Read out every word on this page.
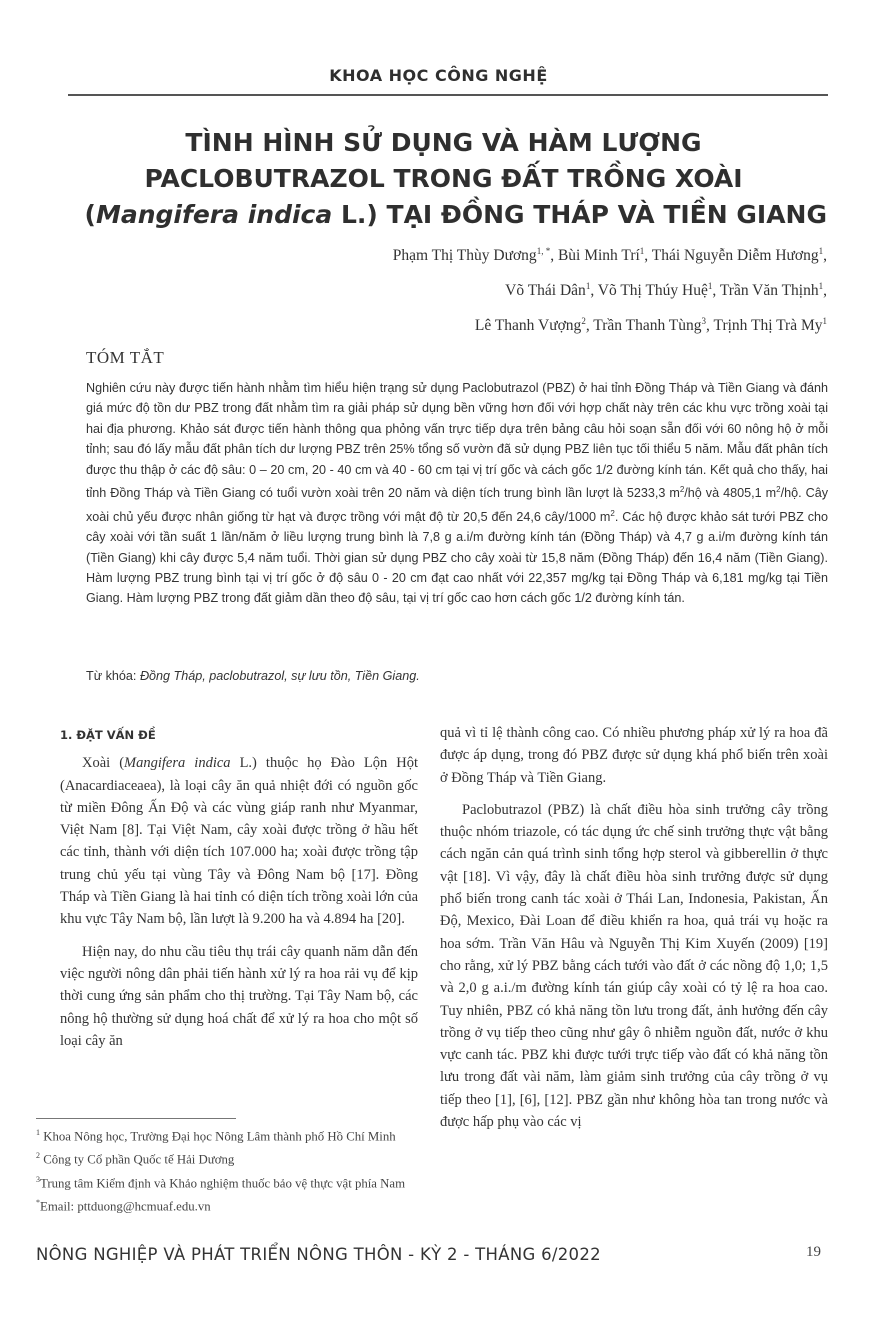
KHOA HỌC CÔNG NGHỆ
TÌNH HÌNH SỬ DỤNG VÀ HÀM LƯỢNG
PACLOBUTRAZOL TRONG ĐẤT TRỒNG XOÀI
(Mangifera indica L.) TẠI ĐỒNG THÁP VÀ TIỀN GIANG
Phạm Thị Thùy Dương$^{1, *}$, Bùi Minh Trí$^1$, Thái Nguyễn Diễm Hương$^1$,
Võ Thái Dân$^1$, Võ Thị Thúy Huệ$^1$, Trần Văn Thịnh$^1$,
Lê Thanh Vượng$^2$, Trần Thanh Tùng$^3$, Trịnh Thị Trà My$^1$
TÓM TẮT
Nghiên cứu này được tiến hành nhằm tìm hiểu hiện trạng sử dụng Paclobutrazol (PBZ) ở hai tỉnh Đồng Tháp và Tiền Giang và đánh giá mức độ tồn dư PBZ trong đất nhằm tìm ra giải pháp sử dụng bền vững hơn đối với hợp chất này trên các khu vực trồng xoài tại hai địa phương. Khảo sát được tiến hành thông qua phỏng vấn trực tiếp dựa trên bảng câu hỏi soạn sẵn đối với 60 nông hộ ở mỗi tỉnh; sau đó lấy mẫu đất phân tích dư lượng PBZ trên 25% tổng số vườn đã sử dụng PBZ liên tục tối thiểu 5 năm. Mẫu đất phân tích được thu thập ở các độ sâu: 0 – 20 cm, 20 - 40 cm và 40 - 60 cm tại vị trí gốc và cách gốc 1/2 đường kính tán. Kết quả cho thấy, hai tỉnh Đồng Tháp và Tiền Giang có tuổi vườn xoài trên 20 năm và diện tích trung bình lần lượt là 5233,3 $m^2/hộ$ và 4805,1 $m^2/hộ$. Cây xoài chủ yếu được nhân giống từ hạt và được trồng với mật độ từ 20,5 đến 24,6 cây/1000 $m^2$. Các hộ được khảo sát tưới PBZ cho cây xoài với tần suất 1 lần/năm ở liều lượng trung bình là 7,8 g a.i/m đường kính tán (Đồng Tháp) và 4,7 g a.i/m đường kính tán (Tiền Giang) khi cây được 5,4 năm tuổi. Thời gian sử dụng PBZ cho cây xoài từ 15,8 năm (Đồng Tháp) đến 16,4 năm (Tiền Giang). Hàm lượng PBZ trung bình tại vị trí gốc ở độ sâu 0 - 20 cm đạt cao nhất với 22,357 mg/kg tại Đồng Tháp và 6,181 mg/kg tại Tiền Giang. Hàm lượng PBZ trong đất giảm dần theo độ sâu, tại vị trí gốc cao hơn cách gốc 1/2 đường kính tán.
Từ khóa: Đồng Tháp, paclobutrazol, sự lưu tồn, Tiền Giang.

1. ĐẶT VẤN ĐỀ

Xoài (Mangifera indica L.) thuộc họ Đào Lộn Hột (Anacardiaceaea), là loại cây ăn quả nhiệt đới có nguồn gốc từ miền Đông Ấn Độ và các vùng giáp ranh như Myanmar, Việt Nam [8]. Tại Việt Nam, cây xoài được trồng ở hầu hết các tỉnh, thành với diện tích 107.000 ha; xoài được trồng tập trung chủ yếu tại vùng Tây và Đông Nam bộ [17]. Đồng Tháp và Tiền Giang là hai tỉnh có diện tích trồng xoài lớn của khu vực Tây Nam bộ, lần lượt là 9.200 ha và 4.894 ha [20].

Hiện nay, do nhu cầu tiêu thụ trái cây quanh năm dẫn đến việc người nông dân phải tiến hành xử lý ra hoa rải vụ để kịp thời cung ứng sản phẩm cho thị trường. Tại Tây Nam bộ, các nông hộ thường sử dụng hoá chất để xử lý ra hoa cho một số loại cây ăn

quả vì tỉ lệ thành công cao. Có nhiều phương pháp xử lý ra hoa đã được áp dụng, trong đó PBZ được sử dụng khá phổ biến trên xoài ở Đồng Tháp và Tiền Giang.

Paclobutrazol (PBZ) là chất điều hòa sinh trưởng cây trồng thuộc nhóm triazole, có tác dụng ức chế sinh trưởng thực vật bằng cách ngăn cản quá trình sinh tổng hợp sterol và gibberellin ở thực vật [18]. Vì vậy, đây là chất điều hòa sinh trưởng được sử dụng phổ biến trong canh tác xoài ở Thái Lan, Indonesia, Pakistan, Ấn Độ, Mexico, Đài Loan để điều khiển ra hoa, quả trái vụ hoặc ra hoa sớm. Trần Văn Hâu và Nguyễn Thị Kim Xuyến (2009) [19] cho rằng, xử lý PBZ bằng cách tưới vào đất ở các nồng độ 1,0; 1,5 và 2,0 g a.i./m đường kính tán giúp cây xoài có tỷ lệ ra hoa cao. Tuy nhiên, PBZ có khả năng tồn lưu trong đất, ảnh hưởng đến cây trồng ở vụ tiếp theo cũng như gây ô nhiễm nguồn đất, nước ở khu vực canh tác. PBZ khi được tưới trực tiếp vào đất có khả năng tồn lưu trong đất vài năm, làm giảm sinh trưởng của cây trồng ở vụ tiếp theo [1], [6], [12]. PBZ gần như không hòa tan trong nước và được hấp phụ vào các vị

$^1$ Khoa Nông học, Trường Đại học Nông Lâm thành phố Hồ Chí Minh

$^2$ Công ty Cổ phần Quốc tế Hải Dương

$^3$Trung tâm Kiểm định và Khảo nghiệm thuốc bảo vệ thực vật phía Nam

*Email: pttduong@hcmuaf.edu.vn

NÔNG NGHIỆP VÀ PHÁT TRIỂN NÔNG THÔN - KỲ 2 - THÁNG 6/2022	19
